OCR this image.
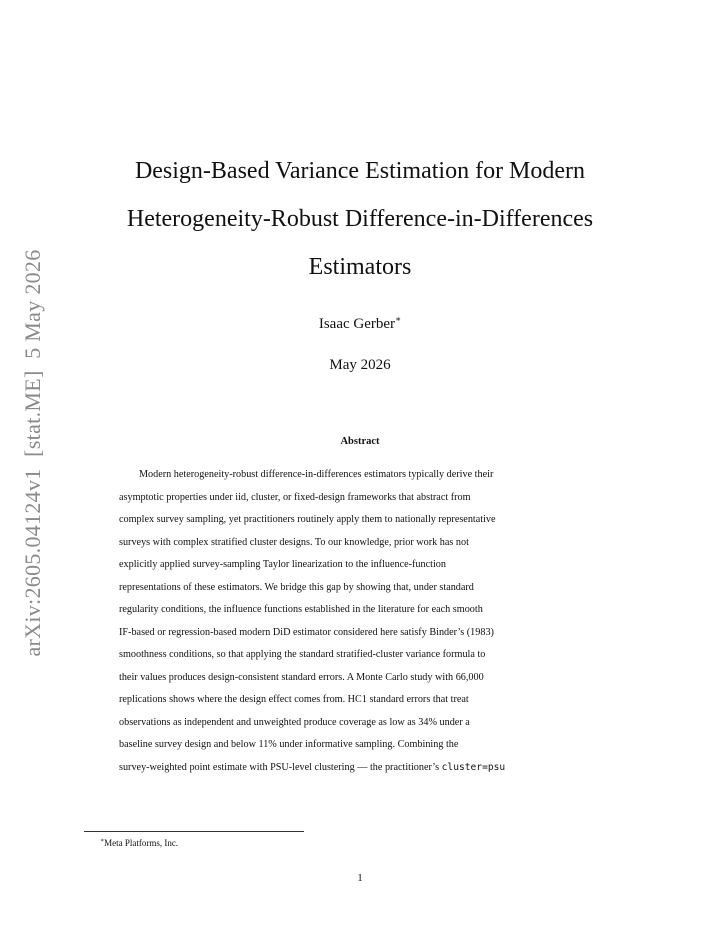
arXiv:2605.04124v1  [stat.ME]  5 May 2026
Design-Based Variance Estimation for Modern
Heterogeneity-Robust Difference-in-Differences
Estimators
Isaac Gerber∗
May 2026
Abstract
Modern heterogeneity-robust difference-in-differences estimators typically derive their
asymptotic properties under iid, cluster, or fixed-design frameworks that abstract from
complex survey sampling, yet practitioners routinely apply them to nationally representative
surveys with complex stratified cluster designs. To our knowledge, prior work has not
explicitly applied survey-sampling Taylor linearization to the influence-function
representations of these estimators. We bridge this gap by showing that, under standard
regularity conditions, the influence functions established in the literature for each smooth
IF-based or regression-based modern DiD estimator considered here satisfy Binder’s (1983)
smoothness conditions, so that applying the standard stratified-cluster variance formula to
their values produces design-consistent standard errors. A Monte Carlo study with 66,000
replications shows where the design effect comes from. HC1 standard errors that treat
observations as independent and unweighted produce coverage as low as 34% under a
baseline survey design and below 11% under informative sampling. Combining the
survey-weighted point estimate with PSU-level clustering — the practitioner’s cluster=psu
∗Meta Platforms, Inc.
1
